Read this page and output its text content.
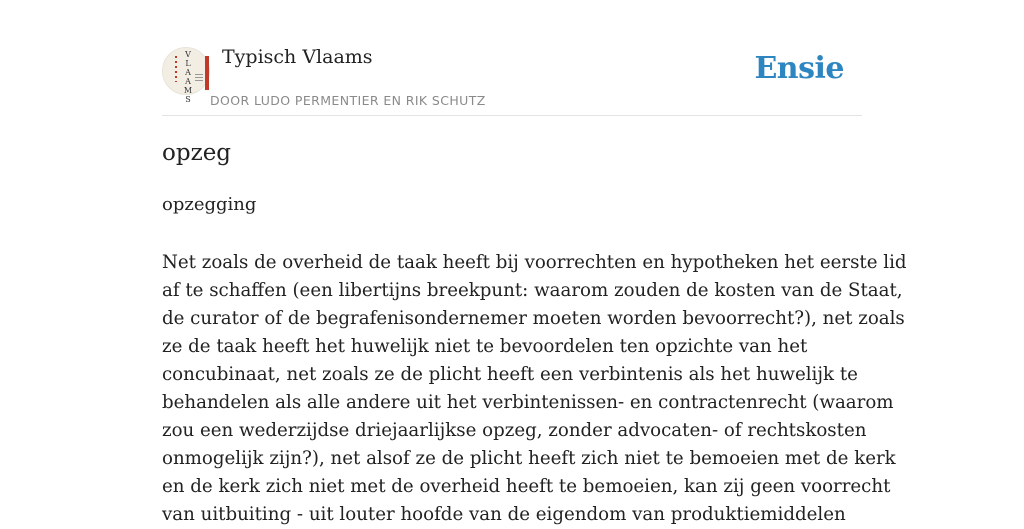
V
L
A
A
M
S
Typisch Vlaams
DOOR LUDO PERMENTIER EN RIK SCHUTZ
Ensie
opzeg
opzegging
Net zoals de overheid de taak heeft bij voorrechten en hypotheken het eerste lid
af te schaffen (een libertijns breekpunt: waarom zouden de kosten van de Staat,
de curator of de begrafenisondernemer moeten worden bevoorrecht?), net zoals
ze de taak heeft het huwelijk niet te bevoordelen ten opzichte van het
concubinaat, net zoals ze de plicht heeft een verbintenis als het huwelijk te
behandelen als alle andere uit het verbintenissen- en contractenrecht (waarom
zou een wederzijdse driejaarlijkse opzeg, zonder advocaten- of rechtskosten
onmogelijk zijn?), net alsof ze de plicht heeft zich niet te bemoeien met de kerk
en de kerk zich niet met de overheid heeft te bemoeien, kan zij geen voorrecht
van uitbuiting - uit louter hoofde van de eigendom van produktiemiddelen
